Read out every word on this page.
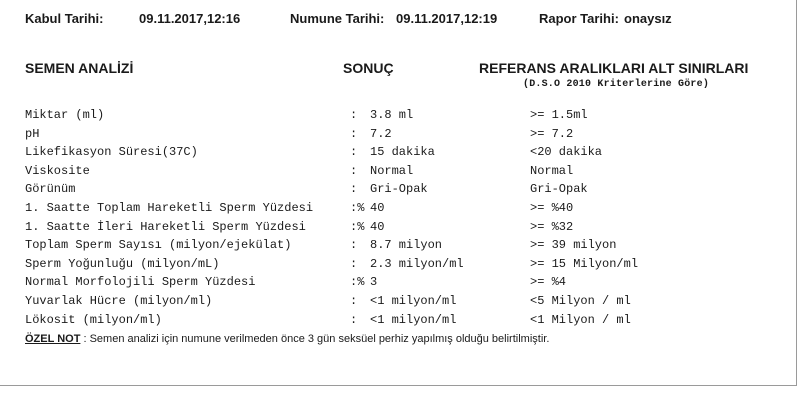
Kabul Tarihi:	09.11.2017,12:16	Numune Tarihi: 09.11.2017,12:19	Rapor Tarihi: onaysız
SEMEN ANALİZİ	SONUÇ	REFERANS ARALIKLARI ALT SINIRLARI
(D.S.O 2010 Kriterlerine Göre)
Miktar (ml)	: 3.8 ml	>= 1.5ml
pH	: 7.2	>= 7.2
Likefikasyon Süresi(37C)	: 15 dakika	<20 dakika
Viskosite	: Normal	Normal
Görünüm	: Gri-Opak	Gri-Opak
1. Saatte Toplam Hareketli Sperm Yüzdesi	:% 40	>= %40
1. Saatte İleri Hareketli Sperm Yüzdesi	:% 40	>= %32
Toplam Sperm Sayısı (milyon/ejekülat)	: 8.7 milyon	>= 39 milyon
Sperm Yoğunluğu (milyon/mL)	: 2.3 milyon/ml	>= 15 Milyon/ml
Normal Morfolojili Sperm Yüzdesi	:% 3	>= %4
Yuvarlak Hücre (milyon/ml)	: <1 milyon/ml	<5 Milyon / ml
Lökosit (milyon/ml)	: <1 milyon/ml	<1 Milyon / ml
ÖZEL NOT : Semen analizi için numune verilmeden önce 3 gün seksüel perhiz yapılmış olduğu belirtilmiştir.
